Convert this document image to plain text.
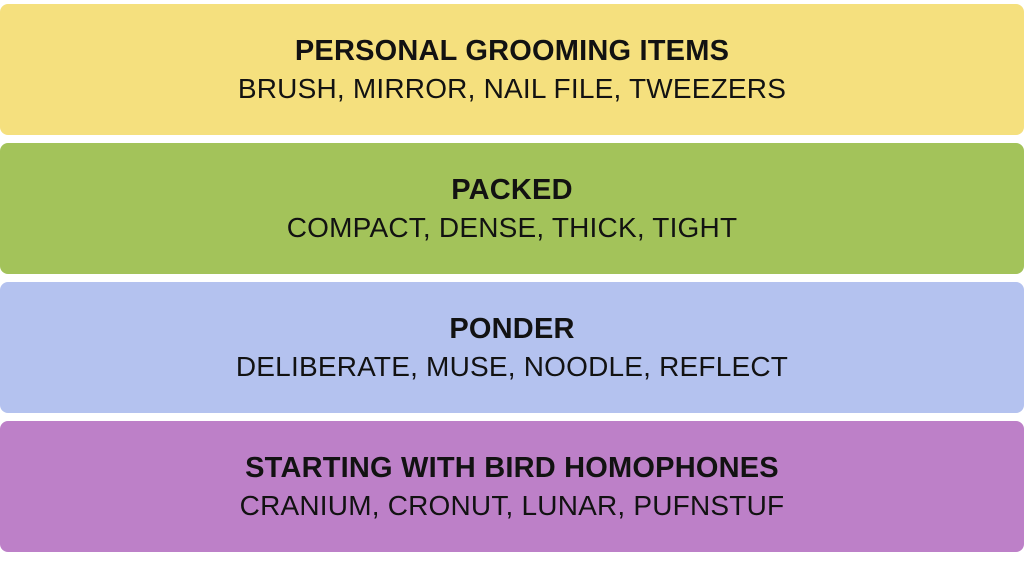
PERSONAL GROOMING ITEMS
BRUSH, MIRROR, NAIL FILE, TWEEZERS
PACKED
COMPACT, DENSE, THICK, TIGHT
PONDER
DELIBERATE, MUSE, NOODLE, REFLECT
STARTING WITH BIRD HOMOPHONES
CRANIUM, CRONUT, LUNAR, PUFNSTUF
